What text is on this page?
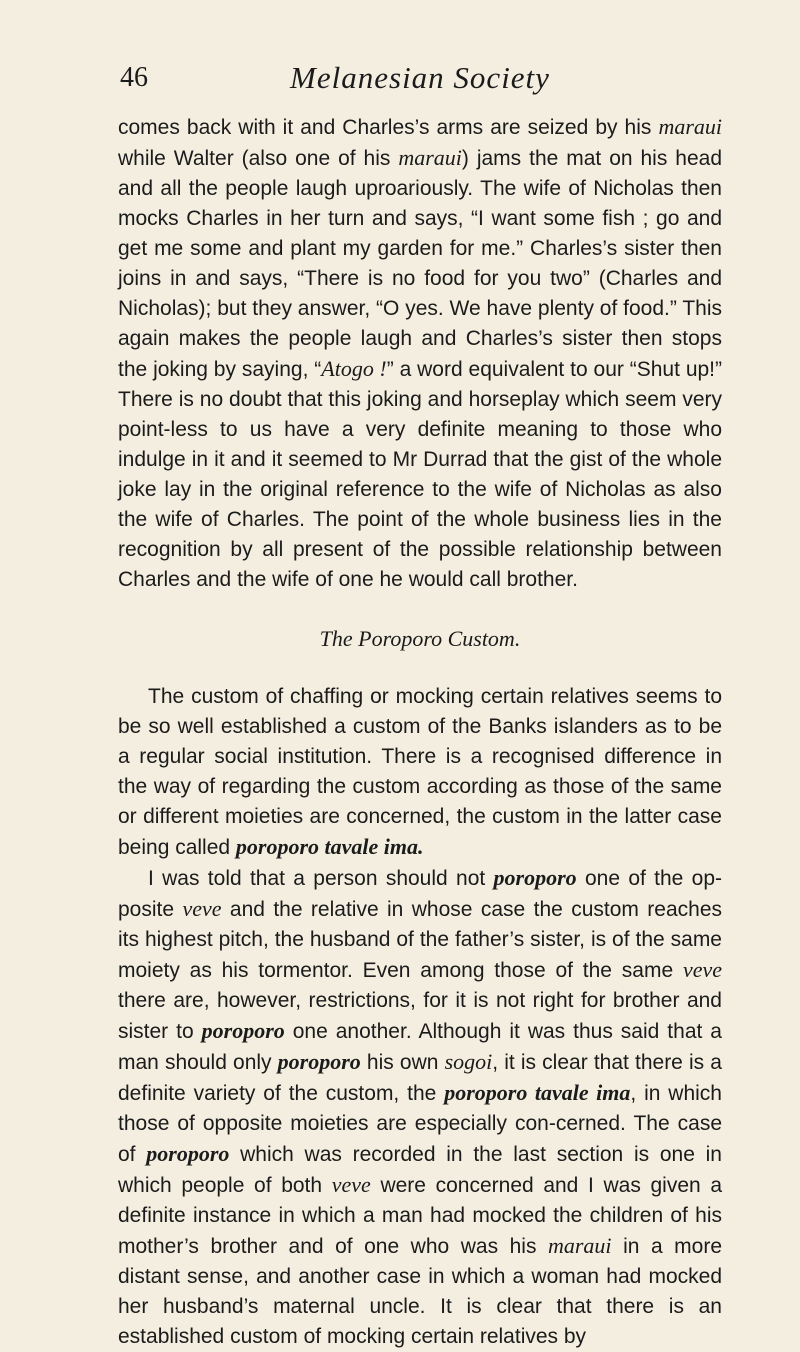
46	Melanesian Society

comes back with it and Charles’s arms are seized by his maraui while Walter (also one of his maraui) jams the mat on his head and all the people laugh uproariously. The wife of Nicholas then mocks Charles in her turn and says, “I want some fish ; go and get me some and plant my garden for me.” Charles’s sister then joins in and says, “There is no food for you two” (Charles and Nicholas); but they answer, “O yes. We have plenty of food.” This again makes the people laugh and Charles’s sister then stops the joking by saying, “Atogo !” a word equivalent to our “Shut up!” There is no doubt that this joking and horseplay which seem very point-less to us have a very definite meaning to those who indulge in it and it seemed to Mr Durrad that the gist of the whole joke lay in the original reference to the wife of Nicholas as also the wife of Charles. The point of the whole business lies in the recognition by all present of the possible relationship between Charles and the wife of one he would call brother.

The Poroporo Custom.

The custom of chaffing or mocking certain relatives seems to be so well established a custom of the Banks islanders as to be a regular social institution. There is a recognised difference in the way of regarding the custom according as those of the same or different moieties are concerned, the custom in the latter case being called poroporo tavale ima.

I was told that a person should not poroporo one of the op-posite veve and the relative in whose case the custom reaches its highest pitch, the husband of the father’s sister, is of the same moiety as his tormentor. Even among those of the same veve there are, however, restrictions, for it is not right for brother and sister to poroporo one another. Although it was thus said that a man should only poroporo his own sogoi, it is clear that there is a definite variety of the custom, the poroporo tavale ima, in which those of opposite moieties are especially con-cerned. The case of poroporo which was recorded in the last section is one in which people of both veve were concerned and I was given a definite instance in which a man had mocked the children of his mother’s brother and of one who was his maraui in a more distant sense, and another case in which a woman had mocked her husband’s maternal uncle. It is clear that there is an established custom of mocking certain relatives by
